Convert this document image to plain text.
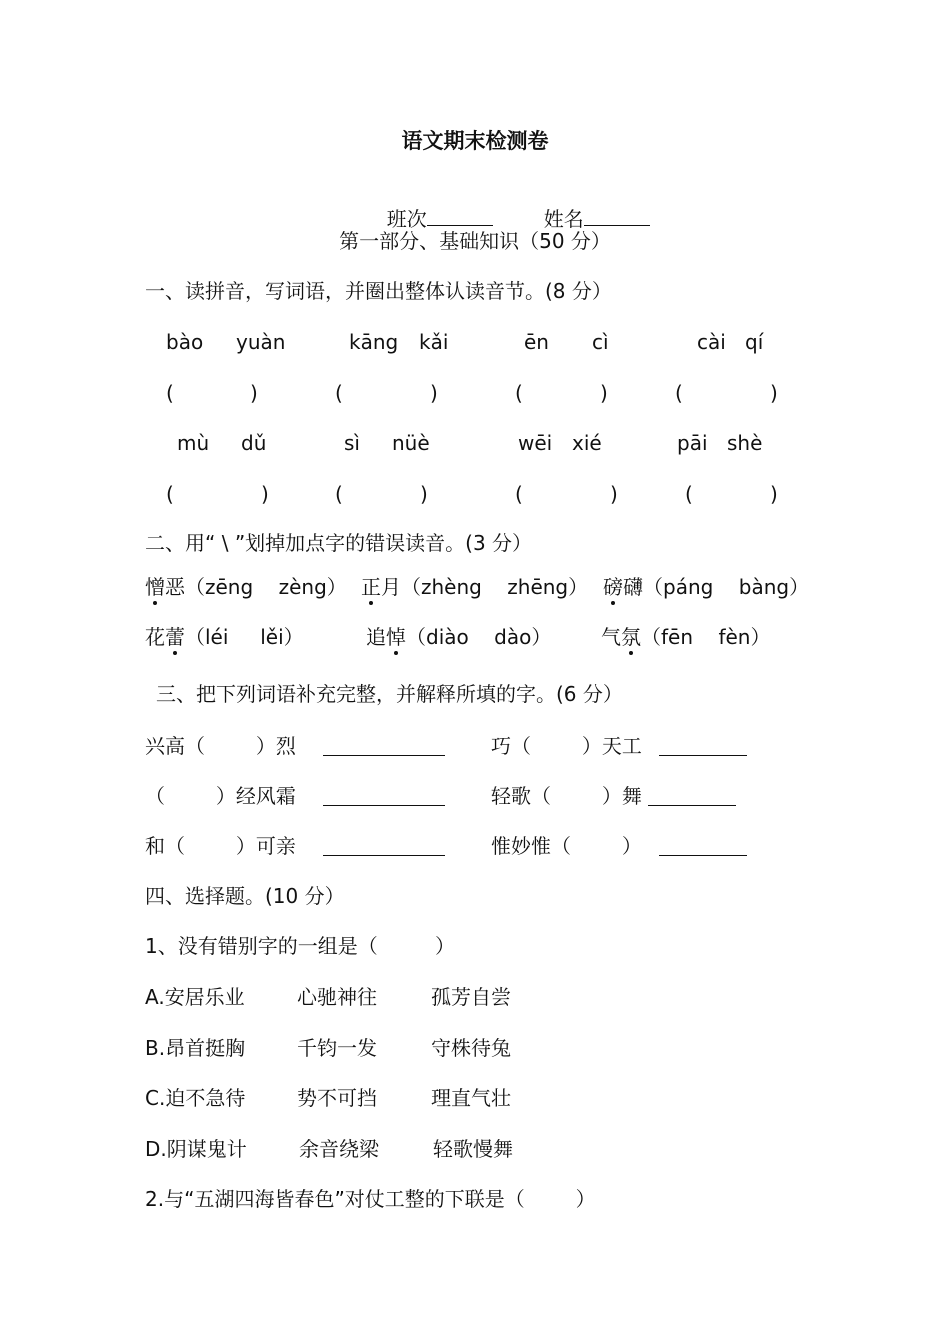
语文期末检测卷

班次	姓名

第一部分、基础知识（50 分）
一、读拼音，写词语，并圈出整体认读音节。(8 分）
bào yuàn	kāng kǎi	ēn cì	cài qí
(	)	(	)	(	)	(	)
mù dǔ	sì nüè	wēi xié	pāi shè
(	)	(	)	(	)	(	)
二、用“ \ ”划掉加点字的错误读音。(3 分）
憎恶（zēng    zèng） 正月（zhèng    zhēng） 磅礴（páng    bàng）
花蕾（léi     lěi）	追悼（diào    dào） 气氛（fēn    fèn）
三、把下列词语补充完整，并解释所填的字。(6 分）
兴高（        ）烈	巧（        ）天工
（        ）经风霜	轻歌（        ）舞
和（        ）可亲	惟妙惟（        ）
四、选择题。(10 分）
1、没有错别字的一组是（         ）
A.安居乐业	心驰神往	孤芳自尝
B.昂首挺胸	千钧一发	守株待兔
C.迫不急待	势不可挡	理直气壮
D.阴谋鬼计	余音绕梁	轻歌慢舞
2.与“五湖四海皆春色”对仗工整的下联是（        ）
